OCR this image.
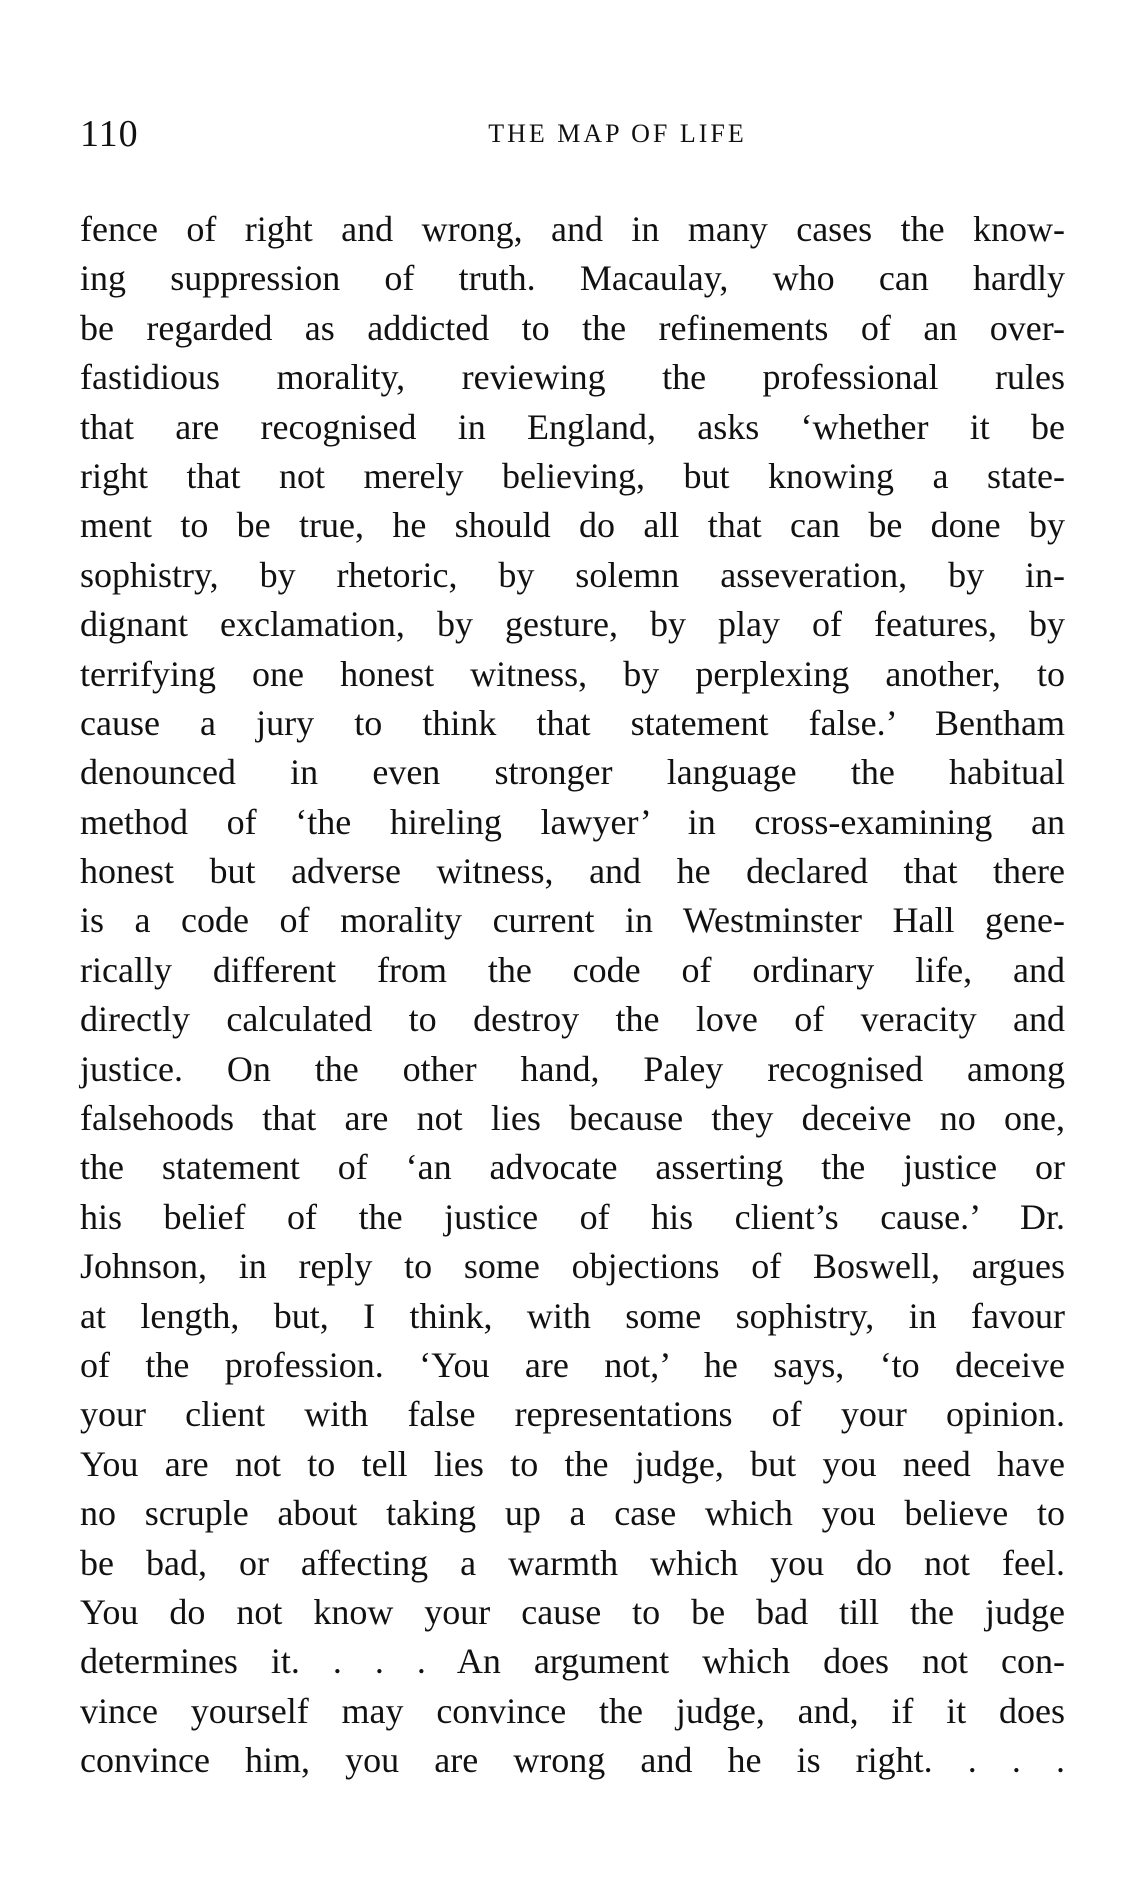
110	THE MAP OF LIFE
fence of right and wrong, and in many cases the know-
ing suppression of truth. Macaulay, who can hardly
be regarded as addicted to the refinements of an over-
fastidious morality, reviewing the professional rules
that are recognised in England, asks ‘whether it be
right that not merely believing, but knowing a state-
ment to be true, he should do all that can be done by
sophistry, by rhetoric, by solemn asseveration, by in-
dignant exclamation, by gesture, by play of features, by
terrifying one honest witness, by perplexing another, to
cause a jury to think that statement false.’ Bentham
denounced in even stronger language the habitual
method of ‘the hireling lawyer’ in cross-examining an
honest but adverse witness, and he declared that there
is a code of morality current in Westminster Hall gene-
rically different from the code of ordinary life, and
directly calculated to destroy the love of veracity and
justice. On the other hand, Paley recognised among
falsehoods that are not lies because they deceive no one,
the statement of ‘an advocate asserting the justice or
his belief of the justice of his client’s cause.’ Dr.
Johnson, in reply to some objections of Boswell, argues
at length, but, I think, with some sophistry, in favour
of the profession. ‘You are not,’ he says, ‘to deceive
your client with false representations of your opinion.
You are not to tell lies to the judge, but you need have
no scruple about taking up a case which you believe to
be bad, or affecting a warmth which you do not feel.
You do not know your cause to be bad till the judge
determines it. . . . An argument which does not con-
vince yourself may convince the judge, and, if it does
convince him, you are wrong and he is right. . . .
